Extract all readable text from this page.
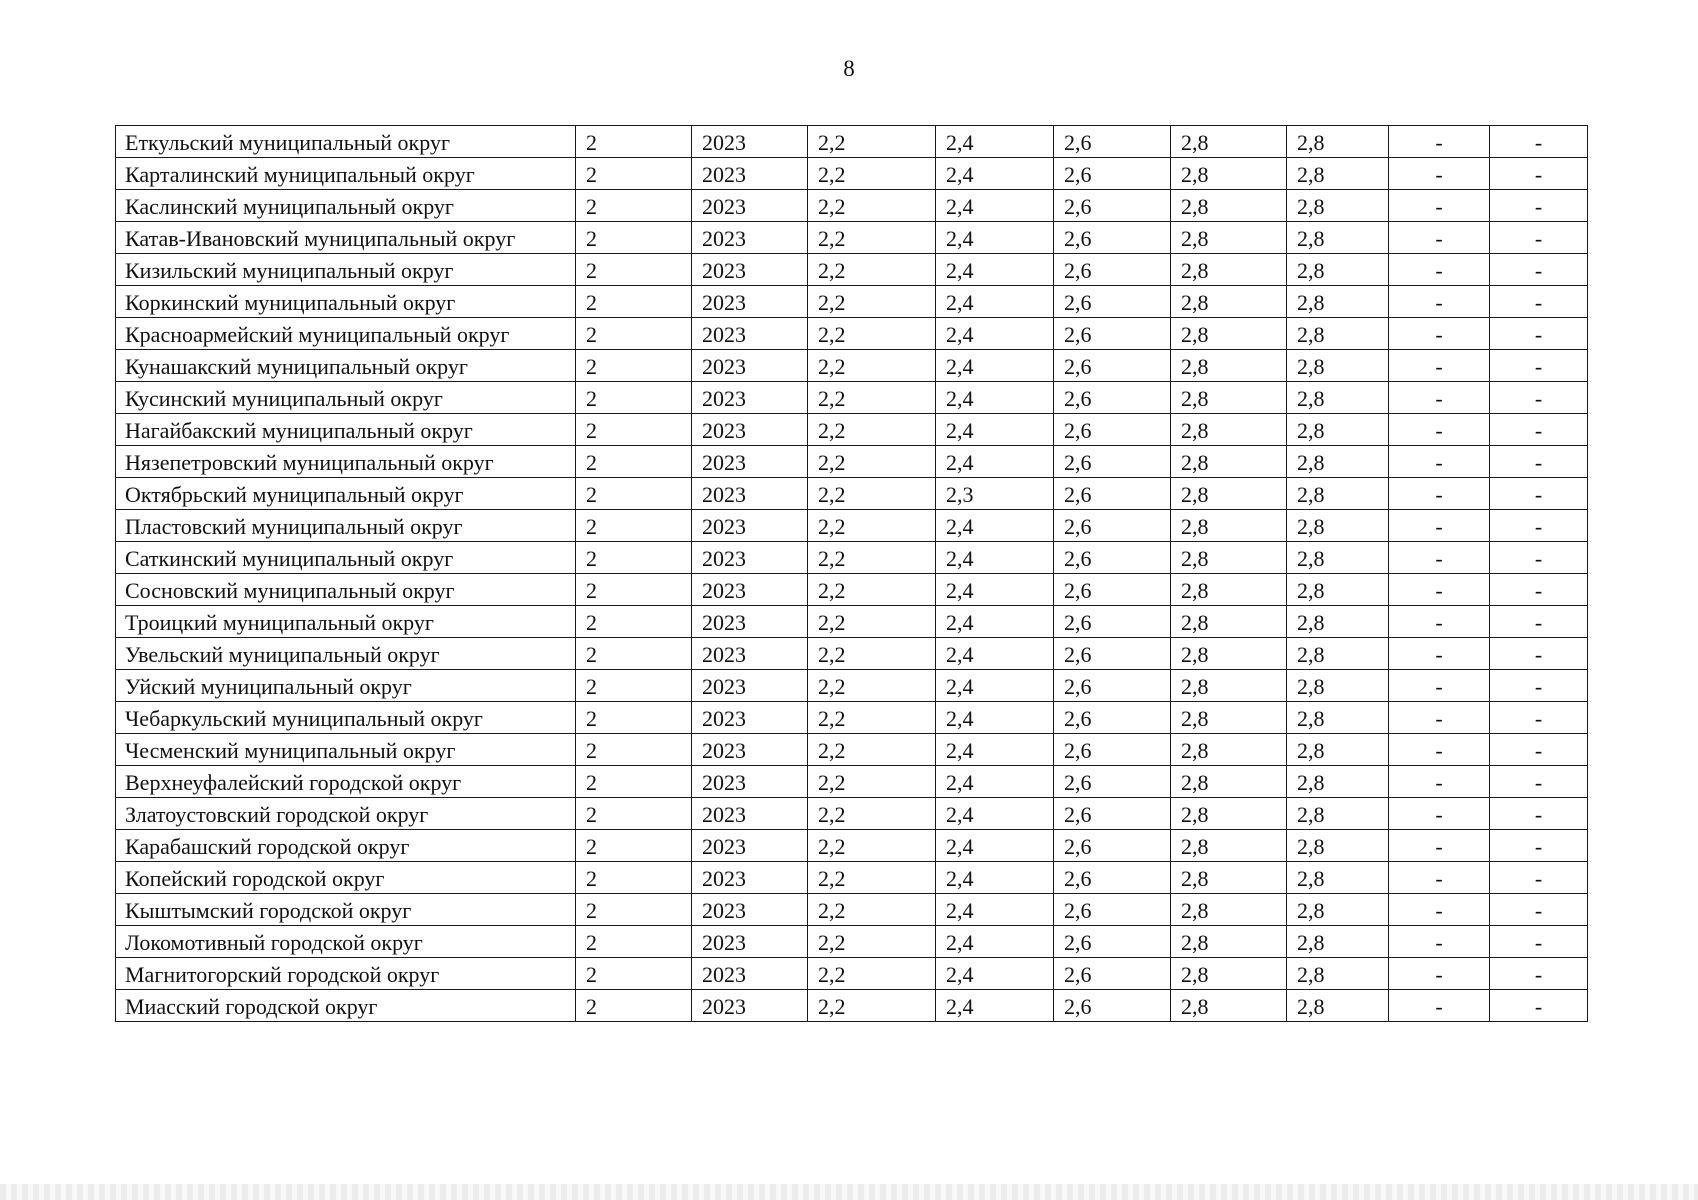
8
Еткульский муниципальный округ	2	2023	2,2	2,4	2,6	2,8	2,8	-	-
Карталинский муниципальный округ	2	2023	2,2	2,4	2,6	2,8	2,8	-	-
Каслинский муниципальный округ	2	2023	2,2	2,4	2,6	2,8	2,8	-	-
Катав-Ивановский муниципальный округ	2	2023	2,2	2,4	2,6	2,8	2,8	-	-
Кизильский муниципальный округ	2	2023	2,2	2,4	2,6	2,8	2,8	-	-
Коркинский муниципальный округ	2	2023	2,2	2,4	2,6	2,8	2,8	-	-
Красноармейский муниципальный округ	2	2023	2,2	2,4	2,6	2,8	2,8	-	-
Кунашакский муниципальный округ	2	2023	2,2	2,4	2,6	2,8	2,8	-	-
Кусинский муниципальный округ	2	2023	2,2	2,4	2,6	2,8	2,8	-	-
Нагайбакский муниципальный округ	2	2023	2,2	2,4	2,6	2,8	2,8	-	-
Нязепетровский муниципальный округ	2	2023	2,2	2,4	2,6	2,8	2,8	-	-
Октябрьский муниципальный округ	2	2023	2,2	2,3	2,6	2,8	2,8	-	-
Пластовский муниципальный округ	2	2023	2,2	2,4	2,6	2,8	2,8	-	-
Саткинский муниципальный округ	2	2023	2,2	2,4	2,6	2,8	2,8	-	-
Сосновский муниципальный округ	2	2023	2,2	2,4	2,6	2,8	2,8	-	-
Троицкий муниципальный округ	2	2023	2,2	2,4	2,6	2,8	2,8	-	-
Увельский муниципальный округ	2	2023	2,2	2,4	2,6	2,8	2,8	-	-
Уйский муниципальный округ	2	2023	2,2	2,4	2,6	2,8	2,8	-	-
Чебаркульский муниципальный округ	2	2023	2,2	2,4	2,6	2,8	2,8	-	-
Чесменский муниципальный округ	2	2023	2,2	2,4	2,6	2,8	2,8	-	-
Верхнеуфалейский городской округ	2	2023	2,2	2,4	2,6	2,8	2,8	-	-
Златоустовский городской округ	2	2023	2,2	2,4	2,6	2,8	2,8	-	-
Карабашский городской округ	2	2023	2,2	2,4	2,6	2,8	2,8	-	-
Копейский городской округ	2	2023	2,2	2,4	2,6	2,8	2,8	-	-
Кыштымский городской округ	2	2023	2,2	2,4	2,6	2,8	2,8	-	-
Локомотивный городской округ	2	2023	2,2	2,4	2,6	2,8	2,8	-	-
Магнитогорский городской округ	2	2023	2,2	2,4	2,6	2,8	2,8	-	-
Миасский городской округ	2	2023	2,2	2,4	2,6	2,8	2,8	-	-
